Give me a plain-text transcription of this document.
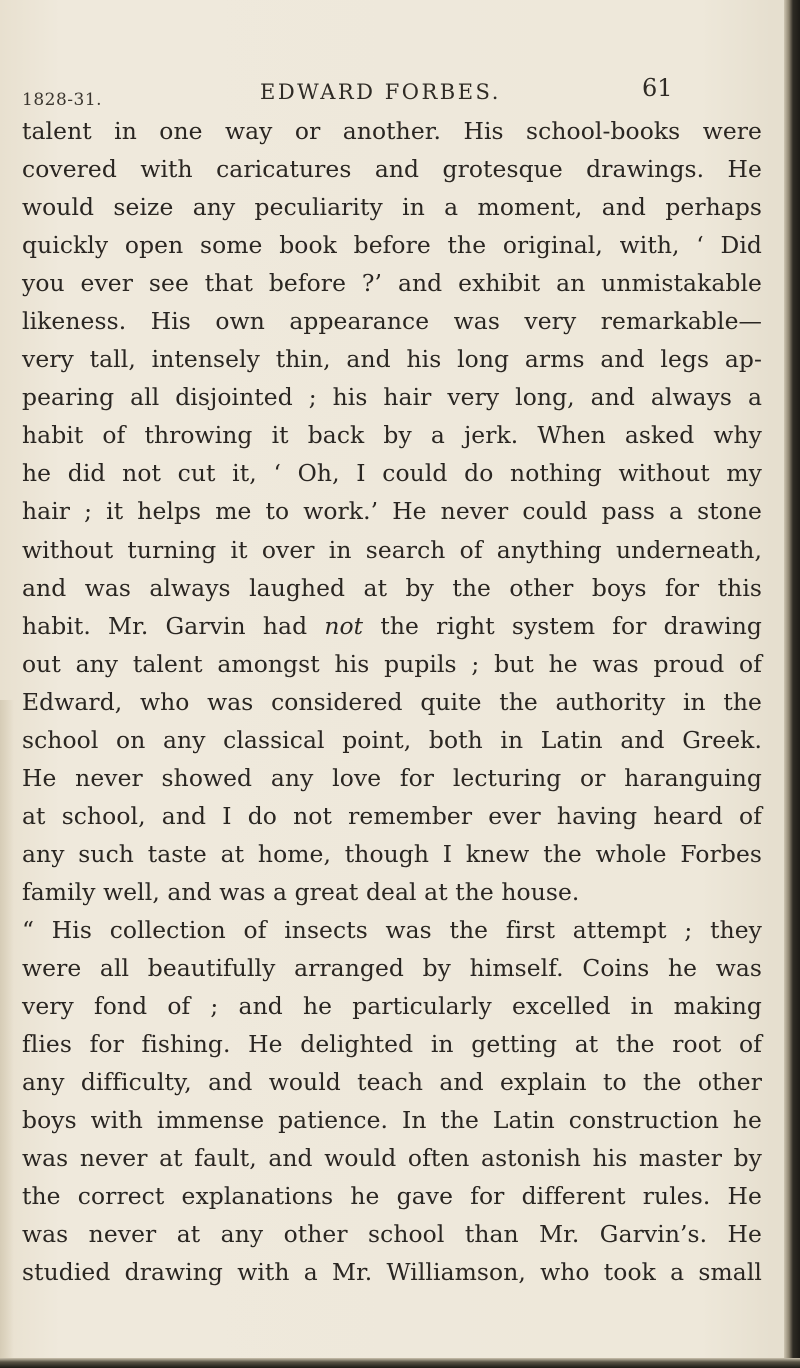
1828-31.	EDWARD FORBES.	61
talent in one way or another. His school-books were
covered with caricatures and grotesque drawings. He
would seize any peculiarity in a moment, and perhaps
quickly open some book before the original, with, ‘ Did
you ever see that before ?’ and exhibit an unmistakable
likeness. His own appearance was very remarkable—
very tall, intensely thin, and his long arms and legs ap-
pearing all disjointed ; his hair very long, and always a
habit of throwing it back by a jerk. When asked why
he did not cut it, ‘ Oh, I could do nothing without my
hair ; it helps me to work.’ He never could pass a stone
without turning it over in search of anything underneath,
and was always laughed at by the other boys for this
habit. Mr. Garvin had not the right system for drawing
out any talent amongst his pupils ; but he was proud of
Edward, who was considered quite the authority in the
school on any classical point, both in Latin and Greek.
He never showed any love for lecturing or haranguing
at school, and I do not remember ever having heard of
any such taste at home, though I knew the whole Forbes
family well, and was a great deal at the house.
“ His collection of insects was the first attempt ; they
were all beautifully arranged by himself. Coins he was
very fond of ; and he particularly excelled in making
flies for fishing. He delighted in getting at the root of
any difficulty, and would teach and explain to the other
boys with immense patience. In the Latin construction he
was never at fault, and would often astonish his master by
the correct explanations he gave for different rules. He
was never at any other school than Mr. Garvin’s. He
studied drawing with a Mr. Williamson, who took a small
